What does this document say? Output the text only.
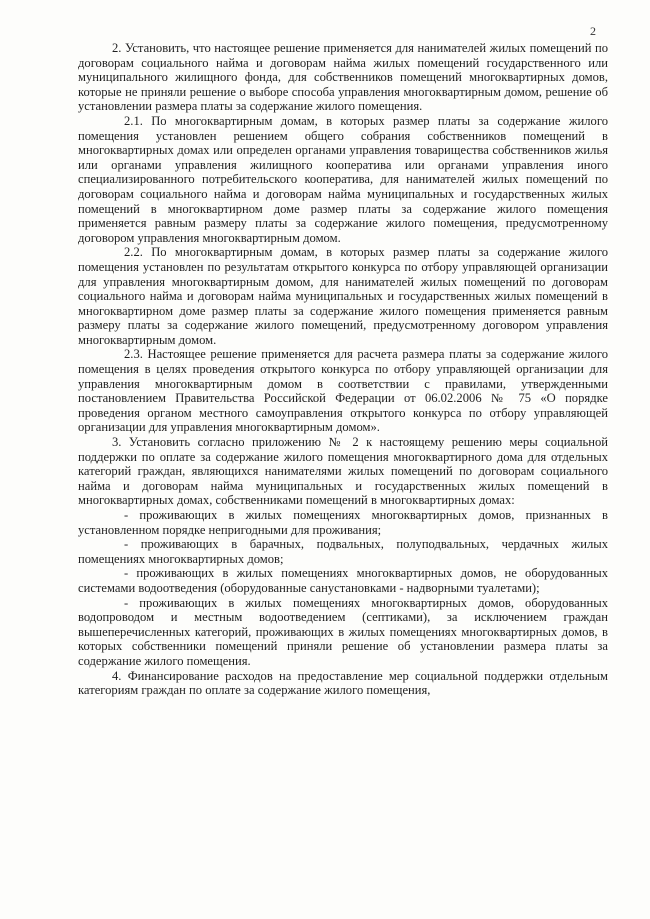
2

2. Установить, что настоящее решение применяется для нанимателей жилых помещений по договорам социального найма и договорам найма жилых помещений государственного или муниципального жилищного фонда, для собственников помещений многоквартирных домов, которые не приняли решение о выборе способа управления многоквартирным домом, решение об установлении размера платы за содержание жилого помещения.

2.1. По многоквартирным домам, в которых размер платы за содержание жилого помещения установлен решением общего собрания собственников помещений в многоквартирных домах или определен органами управления товарищества собственников жилья или органами управления жилищного кооператива или органами управления иного специализированного потребительского кооператива, для нанимателей жилых помещений по договорам социального найма и договорам найма муниципальных и государственных жилых помещений в многоквартирном доме размер платы за содержание жилого помещения применяется равным размеру платы за содержание жилого помещения, предусмотренному договором управления многоквартирным домом.

2.2. По многоквартирным домам, в которых размер платы за содержание жилого помещения установлен по результатам открытого конкурса по отбору управляющей организации для управления многоквартирным домом, для нанимателей жилых помещений по договорам социального найма и договорам найма муниципальных и государственных жилых помещений в многоквартирном доме размер платы за содержание жилого помещения применяется равным размеру платы за содержание жилого помещений, предусмотренному договором управления многоквартирным домом.

2.3. Настоящее решение применяется для расчета размера платы за содержание жилого помещения в целях проведения открытого конкурса по отбору управляющей организации для управления многоквартирным домом в соответствии с правилами, утвержденными постановлением Правительства Российской Федерации от 06.02.2006 № 75 «О порядке проведения органом местного самоуправления открытого конкурса по отбору управляющей организации для управления многоквартирным домом».

3. Установить согласно приложению № 2 к настоящему решению меры социальной поддержки по оплате за содержание жилого помещения многоквартирного дома для отдельных категорий граждан, являющихся нанимателями жилых помещений по договорам социального найма и договорам найма муниципальных и государственных жилых помещений в многоквартирных домах, собственниками помещений в многоквартирных домах:

- проживающих в жилых помещениях многоквартирных домов, признанных в установленном порядке непригодными для проживания;

- проживающих в барачных, подвальных, полуподвальных, чердачных жилых помещениях многоквартирных домов;

- проживающих в жилых помещениях многоквартирных домов, не оборудованных системами водоотведения (оборудованные санустановками - надворными туалетами);

- проживающих в жилых помещениях многоквартирных домов, оборудованных водопроводом и местным водоотведением (септиками), за исключением граждан вышеперечисленных категорий, проживающих в жилых помещениях многоквартирных домов, в которых собственники помещений приняли решение об установлении размера платы за содержание жилого помещения.

4. Финансирование расходов на предоставление мер социальной поддержки отдельным категориям граждан по оплате за содержание жилого помещения,
